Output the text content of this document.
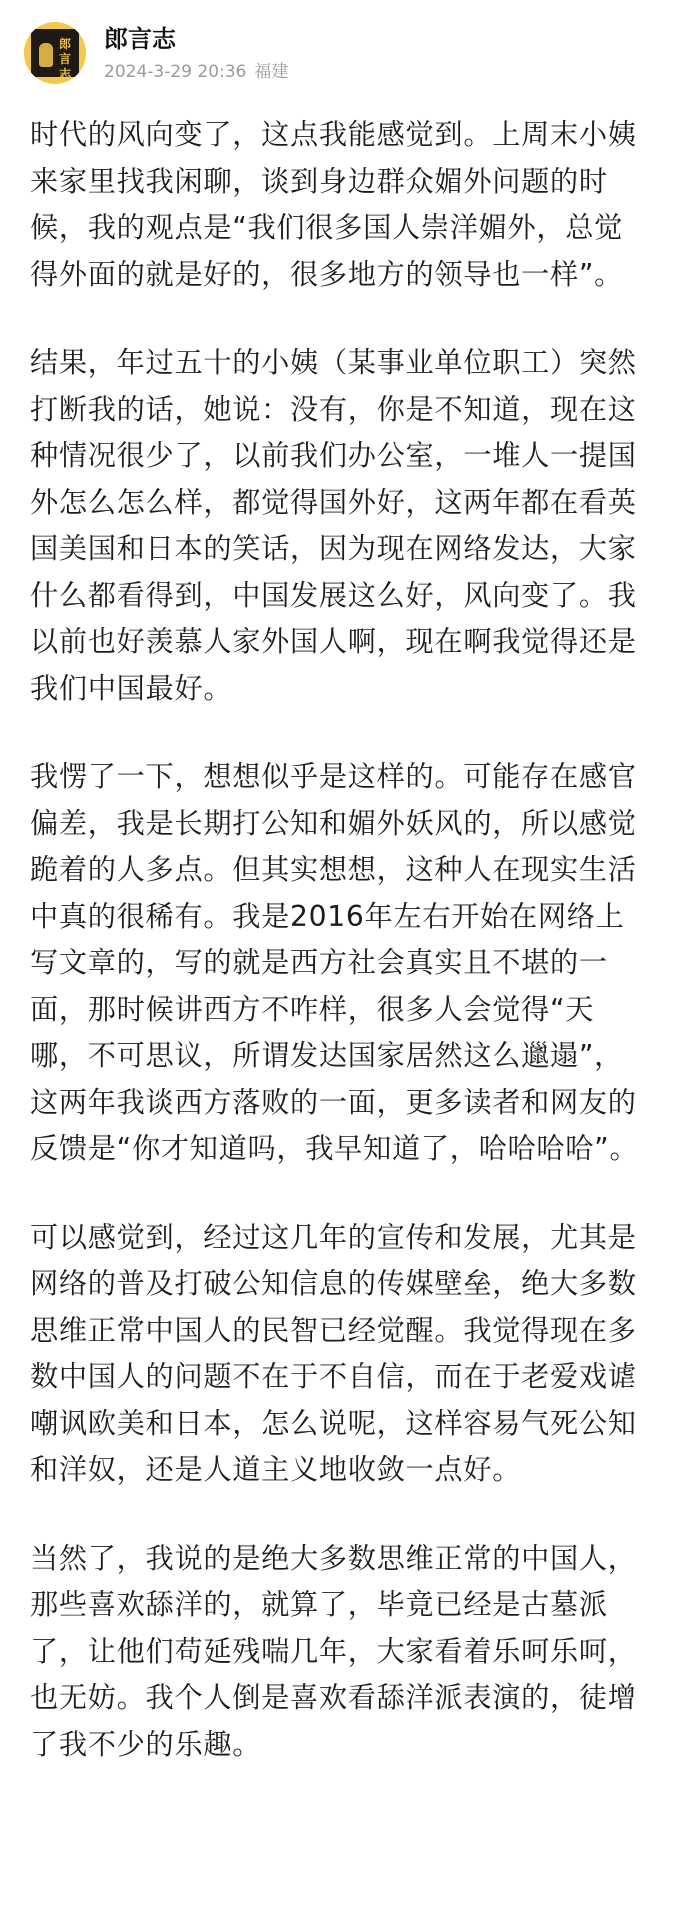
郎
言
志
郎言志
2024-3-29 20:36 福建

时代的风向变了，这点我能感觉到。上周末小姨来家里找我闲聊，谈到身边群众媚外问题的时候，我的观点是“我们很多国人崇洋媚外，总觉得外面的就是好的，很多地方的领导也一样”。

结果，年过五十的小姨（某事业单位职工）突然打断我的话，她说：没有，你是不知道，现在这种情况很少了，以前我们办公室，一堆人一提国外怎么怎么样，都觉得国外好，这两年都在看英国美国和日本的笑话，因为现在网络发达，大家什么都看得到，中国发展这么好，风向变了。我以前也好羡慕人家外国人啊，现在啊我觉得还是我们中国最好。

我愣了一下，想想似乎是这样的。可能存在感官偏差，我是长期打公知和媚外妖风的，所以感觉跪着的人多点。但其实想想，这种人在现实生活中真的很稀有。我是2016年左右开始在网络上写文章的，写的就是西方社会真实且不堪的一面，那时候讲西方不咋样，很多人会觉得“天哪，不可思议，所谓发达国家居然这么邋遢”，这两年我谈西方落败的一面，更多读者和网友的反馈是“你才知道吗，我早知道了，哈哈哈哈”。

可以感觉到，经过这几年的宣传和发展，尤其是网络的普及打破公知信息的传媒壁垒，绝大多数思维正常中国人的民智已经觉醒。我觉得现在多数中国人的问题不在于不自信，而在于老爱戏谑嘲讽欧美和日本，怎么说呢，这样容易气死公知和洋奴，还是人道主义地收敛一点好。

当然了，我说的是绝大多数思维正常的中国人，那些喜欢舔洋的，就算了，毕竟已经是古墓派了，让他们苟延残喘几年，大家看着乐呵乐呵，也无妨。我个人倒是喜欢看舔洋派表演的，徒增了我不少的乐趣。
